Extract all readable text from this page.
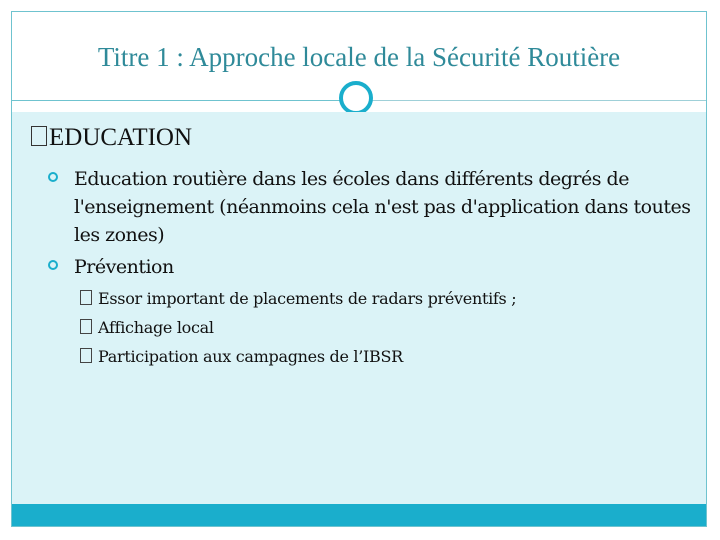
Titre 1 : Approche locale de la Sécurité Routière
EDUCATION
Education routière dans les écoles dans différents degrés de l'enseignement (néanmoins cela n'est pas d'application dans toutes les zones)
Prévention
Essor important de placements de radars préventifs ;
Affichage local
Participation aux campagnes de l’IBSR
